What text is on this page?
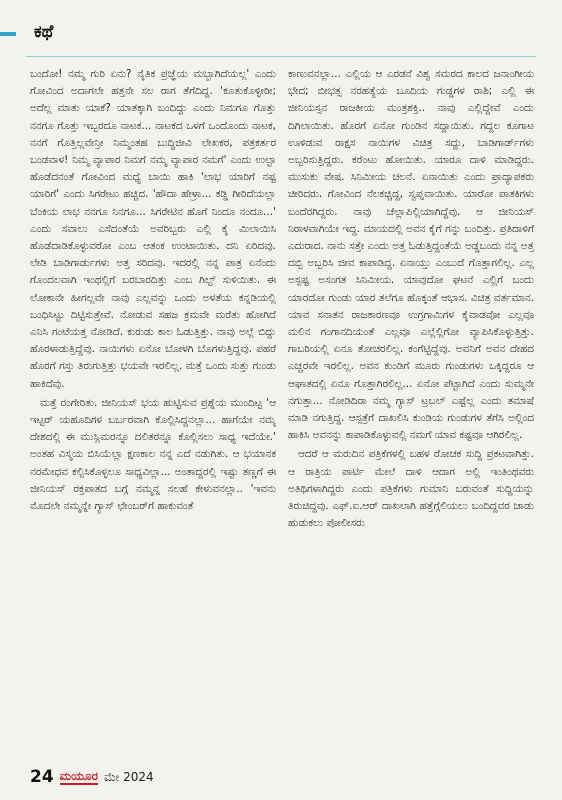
ಕಥೆ

ಬಂದೋ! ನಮ್ಮ ಗುರಿ ಏನು? ನೈತಿಕ ಪ್ರಜ್ಞೆಯ ಮಬ್ಬಾಗಿದೆಯಲ್ಲ' ಎಂದು ಗೋವಿಂದ ಅದಾಗಲೇ ಹತ್ತನೇ ಸಲ ರಾಗ ತೆಗೆದಿದ್ದ. 'ಕೂತುಕೊಳ್ಳೀರೀ; ಅದೆಲ್ಲ ಮಾತು ಯಾಕೆ? ಯಾತಕ್ಕಾಗಿ ಬಂದಿದ್ದು ಎಂದು ನಿಮಗೂ ಗೊತ್ತು ನನಗೂ ಗೊತ್ತು ಇಬ್ಬರದೂ ನಾಟಕ... ನಾಟಕದ ಒಳಗೆ ಒಂದೊಂದು ನಾಟಕ, ನನಗೆ ಗೊತ್ತಿಲ್ಲವೇನ್ರೀ ನಿಮ್ಮಂತಹ ಬುದ್ಧಿಜೀವಿ ಲೇಖಕರ, ಪತ್ರಕರ್ತರ ಬಂಡವಾಳ! ನಿಮ್ಮ ವ್ಯಾಪಾರ ನಿಮಗೆ ನಮ್ಮ ವ್ಯಾಪಾರ ನಮಗೆ' ಎಂದು ಉಲ್ಟಾ ಹೊಡೆದನಂತೆ ಗೋವಿಂದ ಮಧ್ಯೆ ಬಾಯಿ ಹಾಕಿ 'ಲಾಭ ಯಾರಿಗೆ ನಷ್ಟ ಯಾರಿಗೆ' ಎಂದು ಸಿಗರೇಟು ಹಚ್ಚಿದ. 'ಹೌದಾ ಹೇಳ್ರಾ... ಕಡ್ಡಿ ಗೀರಿದೆಯಲ್ಲಾ ಬೆಂಕಿಯ ಲಾಭ ನನಗೂ ನಿನಗೂ... ಸಿಗರೇಟಿನ ಹೊಗೆ ನಿಂದೂ ನಂದೂ...' ಎಂದು ಸವಾಲು ಎಸೆದಂತೆಯೆ ಅವರಿಬ್ಬರು ಎಲ್ಲಿ ಕೈ ಮಿಲಾಯಿಸಿ ಹೊಡೆದಾಡಿಕೊಳ್ಳುವರೋ ಎಂಬ ಆತಂಕ ಉಂಟಾಯಿತು. ದನಿ ಏರಿದವು. ಲೇಡಿ ಬಾಡಿಗಾರ್ಡುಗಳು ಅತ್ತ ಸರಿದವು. ಇದರಲ್ಲಿ ನನ್ನ ಪಾತ್ರ ಏನೆಂದು ಗೊಂದಲವಾಗಿ ಇಂಥಲ್ಲಿಗೆ ಬರಬಾರದಿತ್ತು ಎಂಬ ಗಿಲ್ಟ್ ಸುಳಿಯಿತು. ಈ ಲೋಕಾನೇ ಹೀಗಲ್ಲವೇ ನಾವು ಎಲ್ಲವನ್ನು ಒಂದು ಅಳತೆಯ ಕನ್ನಡಿಯಲ್ಲಿ ಬಂಧಿಸಿಟ್ಟು ದಿಟ್ಟಿಸುತ್ತೇವೆ. ನೋಡುವ ಸಹಜ ಕ್ರಮವೇ ಮರೆತು ಹೋಗಿದೆ ಎನಿಸಿ ಗಂಟೆಯತ್ತ ನೋಡಿದೆ. ಕುರುಡು ಕಾಲ ಓಡುತ್ತಿತ್ತು. ನಾವು ಅಲ್ಲೆ ಬಿದ್ದು ಹೊರಳಾಡುತ್ತಿದ್ದೆವು. ನಾಯಿಗಳು ಏನೋ ಬೋಳಗಿ ಬೊಗಳುತ್ತಿದ್ದವು. ಪಹರೆ ಹೊರಗೆ ಗಸ್ತು ತಿರುಗುತ್ತಿತ್ತು ಭಯವೇ ಇರಲಿಲ್ಲ. ಮತ್ತೆ ಒಂದು ಸುತ್ತು ಗುಂಡು ಹಾಕಿದೆವು.

ಮತ್ತೆ ರಂಗೇರಿತು. ಜೀನಿಯಸ್ ಭಯ ಹುಟ್ಟಿಸುವ ಪ್ರಶ್ನೆಯ ಮುಂದಿಟ್ಟ 'ಆ ಇಟ್ಟರ್ ಯಹೂದಿಗಳ ಬರ್ಬರವಾಗಿ ಕೊಲ್ಲಿಸಿದ್ದನಲ್ಲಾ... ಹಾಗೆಯೇ ನಮ್ಮ ದೇಶದಲ್ಲಿ ಈ ಮುಸ್ಲಿಮರನ್ನೂ ದಲಿತರನ್ನೂ ಕೊಲ್ಲಿಸಲು ಸಾಧ್ಯ ಇದೆಯೇ.' ಅಂತಹ ವಿಸ್ಮಯ ಬಿಸಿಯೆಲ್ಲಾ ಕ್ಷಣಕಾಲ ನನ್ನ ಎದೆ ನಡುಗಿತು. ಆ ಭಯಾನಕ ನರಮೇಧವ ಕಲ್ಪಿಸಿಕೊಳ್ಳಲೂ ಸಾಧ್ಯವಿಲ್ಲಾ... ಅಂತಾದ್ದರಲ್ಲಿ ಇಷ್ಟು ತಣ್ಣಗೆ ಈ ಜೀನಿಯಸ್ ರಕ್ತಪಾತದ ಬಗ್ಗೆ ನಮ್ಮನ್ನ ಸಲಹೆ ಕೇಳುವನಲ್ಲಾ.. 'ಇವನು ಮೊದಲೇ ನಮ್ಮನ್ನೇ ಗ್ಯಾಸ್ ಛೇಂಬರ್‌ಗೆ ಹಾಕುವಂತೆ

ಕಾಣುವನಲ್ಲಾ... ಎಲ್ಲಿಯ ಆ ಎರಡನೆ ವಿಶ್ವ ಸಮರದ ಕಾಲದ ಜನಾಂಗೀಯ ಭೇದ; ಬೀಭತ್ಸ ನರಹತ್ಯೆಯ ಬೂದಿಯ ಗುಡ್ಡಗಳ ರಾಶಿ; ಎಲ್ಲಿ ಈ ಜೀನಿಯಸ್ಸನ ರಾಜಕೀಯ ಮಂತ್ರಶಕ್ತಿ.. ನಾವು ಎಲ್ಲಿದ್ದೇವೆ ಎಂದು ದಿಗಿಲಾಯಿತು. ಹೊರಗೆ ಏನೋ ಗುಂಡಿನ ಸದ್ದಾಯಿತು. ಗದ್ದಲ ಕೂಗಾಟ ಊಳಿಡುವ ರಾಕ್ಷಸ ನಾಯಿಗಳ ವಿಚಿತ್ರ ಸದ್ದು, ಬಾಡಿಗಾರ್ಡ್‌ಗಳು ಅಬ್ಬರಿಸುತ್ತಿದ್ದರು. ಕರೆಂಟು ಹೋಯಿತು. ಯಾರೂ ದಾಳಿ ಮಾಡಿದ್ದರು. ಮುಸುಕು ವೇಷ. ಸಿನಿಮೀಯ ಚಲನೆ. ಏನಾಯಿತು ಎಂದು ಪ್ರಾದ್ಯಾಪಕರು ಚೀರಿದರು. ಗೋವಿಂದ ನೆಲಕಚ್ಚಿದ್ದ, ಸ್ವಪ್ನವಾಯಿತು. ಯಾರೋ ಪಾತಕಿಗಳು ಬಂದೆರಗಿದ್ದರು. ನಾವು ಚೆಲ್ಲಾಪಿಲ್ಲಿಯಾಗಿದ್ದೆವು. ಆ ಜೀನಿಯಸ್ ನಿರಾಳವಾಗಿಯೇ ಇದ್ದ. ಮಾಯದಲ್ಲಿ ಅವನ ಕೈಗೆ ಗನ್ನು ಬಂದಿತ್ತು. ಪ್ರತಿದಾಳಿಗೆ ಎದುರಾದ. ನಾನು ಸತ್ತೇ ಎಂದು ಅತ್ತ ಓಡುತ್ತಿದ್ದಂತೆಯೆ ಅಡ್ಡಬಂದು ನನ್ನ ಅತ್ತ ದಬ್ಬಿ ಅಬ್ಬರಿಸಿ ಜೀವ ಕಾಪಾಡಿದ್ದ. ಏನಾಯ್ತು ಎಂಬುದೆ ಗೊತ್ತಾಗಲಿಲ್ಲ. ಎಲ್ಲ ಅಸ್ಪಷ್ಟ ಅಸಂಗತ ಸಿನಿಮೀಯ. ಯಾವುದೋ ಘಟನೆ ಎಲ್ಲಿಗೆ ಬಂದು ಯಾರದೋ ಗುಂಡು ಯಾರ ತಲೆಗೂ ಹೊಕ್ಕಂತೆ ಆಭಾಸ. ವಿಚಿತ್ರ ವರ್ತಮಾನ. ಯಾವ ಸನಾತನ ರಾಜಕಾರಣವೂ ಉಗ್ರಗಾಮಿಗಳ ಕೈವಾಡವೋ ಎಲ್ಲವೂ ಮಲಿನ ಗಂಗಾನದಿಯಂತೆ ಎಲ್ಲವೂ ಎಲ್ಲೆಲ್ಲಿಗೋ ವ್ಯಾಪಿಸಿಕೊಳ್ಳುತ್ತಿತ್ತು. ಗಾಬರಿಯಲ್ಲಿ ಏನೂ ತೋಚರಲಿಲ್ಲ. ಕಂಗೆಟ್ಟಿದ್ದೆವು. ಅವನಿಗೆ ಅವನ ದೇಹದ ಎಚ್ಚರವೇ ಇರಲಿಲ್ಲ. ಅವನ ಕುಂಡಿಗೆ ಮೂರು ಗುಂಡುಗಳು ಒಕ್ಕಿದ್ದರೂ ಆ ಆಘಾತದಲ್ಲಿ ಏನೂ ಗೊತ್ತಾಗಿರಲಿಲ್ಲ... ಏನೋ ಪೆಟ್ಟಾಗಿದೆ ಎಂದು ಸುಮ್ಮನೇ ನಗುತ್ತಾ... ನೋಡಿದಿರಾ ನಮ್ಮ ಗ್ಯಾಸ್ ಟ್ರಬಲ್ ಎಷ್ಟೆಲ್ಲ ಎಂದು ತಮಾಷೆ ಮಾಡಿ ನಗುತ್ತಿದ್ದ. ಆಸ್ಪತ್ರೆಗೆ ದಾಖಲಿಸಿ ಕುಂಡಿಯ ಗುಂಡುಗಳ ತೆಗೆಸಿ ಅಲ್ಲಿಂದ ಹಾಕಿಸಿ ಅವನನ್ನು ಕಾಪಾಡಿಕೊಳ್ಳುವಲ್ಲಿ ನಮಗೆ ಯಾವ ಕಷ್ಟವೂ ಆಗಿರಲಿಲ್ಲ.

ಆದರೆ ಆ ಮರುದಿನ ಪತ್ರಿಕೆಗಳಲ್ಲಿ ಬಹಳ ರೋಚಕ ಸುದ್ದಿ ಪ್ರಕಟವಾಗಿತ್ತು. ಆ ರಾತ್ರಿಯ ಪಾರ್ಟಿ ಮೇಲೆ ದಾಳಿ ಆದಾಗ ಅಲ್ಲಿ ಇಂತಿಂಥವರು ಅತಿಥಿಗಳಾಗಿದ್ದರು ಎಂದು ಪತ್ರಿಕೆಗಳು ಗುಮಾನಿ ಬರುವಂತೆ ಸುದ್ದಿಯನ್ನು ತಿರುಚಿದ್ದವು. ಎಫ್.ಐ.ಆರ್ ದಾಖಲಾಗಿ ಹತ್ತೆಗ್ಗೆಲಿಯಲು ಬಂದಿದ್ದವರ ಜಾಡು ಹುಡುಕಲು ಪೋಲೀಸರು

24 ಮಯೂರ ಮೇ 2024
